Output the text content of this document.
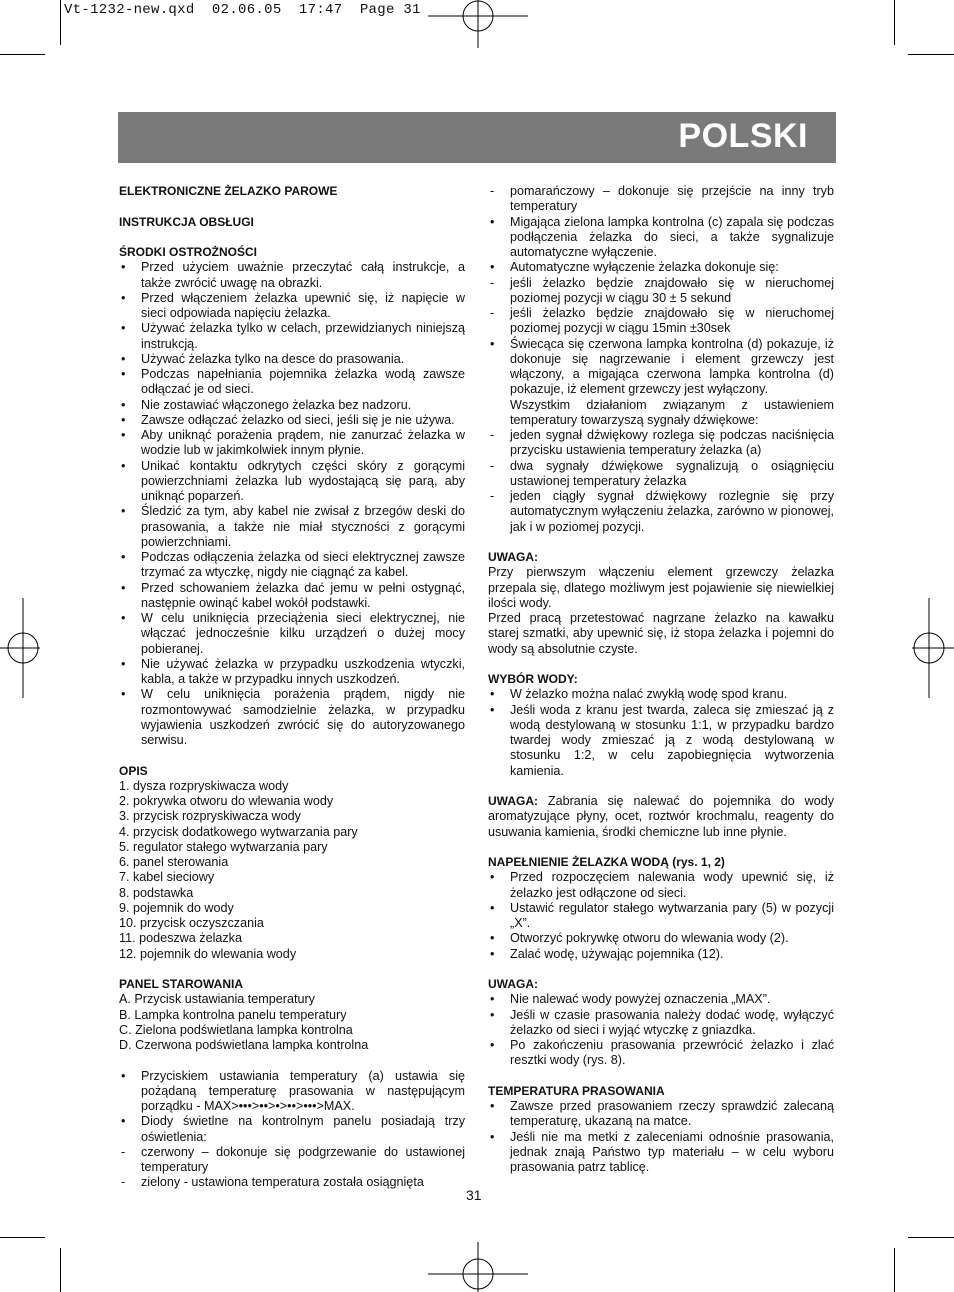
Vt-1232-new.qxd  02.06.05  17:47  Page 31
POLSKI
ELEKTRONICZNE ŻELAZKO PAROWE
INSTRUKCJA OBSŁUGI
ŚRODKI OSTROŻNOŚCI
•	Przed użyciem uważnie przeczytać całą instrukcje, a także zwrócić uwagę na obrazki.
•	Przed włączeniem żelazka upewnić się, iż napięcie w sieci odpowiada napięciu żelazka.
•	Używać żelazka tylko w celach, przewidzianych niniejszą instrukcją.
•	Używać żelazka tylko na desce do prasowania.
•	Podczas napełniania pojemnika żelazka wodą zawsze odłączać je od sieci.
•	Nie zostawiać włączonego żelazka bez nadzoru.
•	Zawsze odłączać żelazko od sieci, jeśli się je nie używa.
•	Aby uniknąć porażenia prądem, nie zanurzać żelazka w wodzie lub w jakimkolwiek innym płynie.
•	Unikać kontaktu odkrytych części skóry z gorącymi powierzchniami żelazka lub wydostającą się parą, aby uniknąć poparzeń.
•	Śledzić za tym, aby kabel nie zwisał z brzegów deski do prasowania, a także nie miał styczności z gorącymi powierzchniami.
•	Podczas odłączenia żelazka od sieci elektrycznej zawsze trzymać za wtyczkę, nigdy nie ciągnąć za kabel.
•	Przed schowaniem żelazka dać jemu w pełni ostygnąć, następnie owinąć kabel wokół podstawki.
•	W celu uniknięcia przeciążenia sieci elektrycznej, nie włączać jednocześnie kilku urządzeń o dużej mocy pobieranej.
•	Nie używać żelazka w przypadku uszkodzenia wtyczki, kabla, a także w przypadku innych uszkodzeń.
•	W celu uniknięcia porażenia prądem, nigdy nie rozmontowywać samodzielnie żelazka, w przypadku wyjawienia uszkodzeń zwrócić się do autoryzowanego serwisu.
OPIS
1. dysza rozpryskiwacza wody
2. pokrywka otworu do wlewania wody
3. przycisk rozpryskiwacza wody
4. przycisk dodatkowego wytwarzania pary
5. regulator stałego wytwarzania pary
6. panel sterowania
7. kabel sieciowy
8. podstawka
9. pojemnik do wody
10. przycisk oczyszczania
11. podeszwa żelazka
12. pojemnik do wlewania wody
PANEL STAROWANIA
A. Przycisk ustawiania temperatury
B. Lampka kontrolna panelu temperatury
C. Zielona podświetlana lampka kontrolna
D. Czerwona podświetlana lampka kontrolna
•	Przyciskiem ustawiania temperatury (a) ustawia się pożądaną temperaturę prasowania w następującym porządku - MAX>•••>••>•>••>•••>MAX.
•	Diody świetlne na kontrolnym panelu posiadają trzy oświetlenia:
-	czerwony – dokonuje się podgrzewanie do ustawionej temperatury
-	zielony - ustawiona temperatura została osiągnięta
-	pomarańczowy – dokonuje się przejście na inny tryb temperatury
•	Migająca zielona lampka kontrolna (c) zapala się podczas podłączenia żelazka do sieci, a także sygnalizuje automatyczne wyłączenie.
•	Automatyczne wyłączenie żelazka dokonuje się:
-	jeśli żelazko będzie znajdowało się w nieruchomej poziomej pozycji w ciągu 30 ± 5 sekund
-	jeśli żelazko będzie znajdowało się w nieruchomej poziomej pozycji w ciągu 15min ±30sek
•	Świecąca się czerwona lampka kontrolna (d) pokazuje, iż dokonuje się nagrzewanie i element grzewczy jest włączony, a migająca czerwona lampka kontrolna (d) pokazuje, iż element grzewczy jest wyłączony.
Wszystkim działaniom związanym z ustawieniem temperatury towarzyszą sygnały dźwiękowe:
-	jeden sygnał dźwiękowy rozlega się podczas naciśnięcia przycisku ustawienia temperatury żelazka (a)
-	dwa sygnały dźwiękowe sygnalizują o osiągnięciu ustawionej temperatury żelazka
-	jeden ciągły sygnał dźwiękowy rozlegnie się przy automatycznym wyłączeniu żelazka, zarówno w pionowej, jak i w poziomej pozycji.
UWAGA:
Przy pierwszym włączeniu element grzewczy żelazka przepala się, dlatego możliwym jest pojawienie się niewielkiej ilości wody.
Przed pracą przetestować nagrzane żelazko na kawałku starej szmatki, aby upewnić się, iż stopa żelazka i pojemni do wody są absolutnie czyste.
WYBÓR WODY:
•	W żelazko można nalać zwykłą wodę spod kranu.
•	Jeśli woda z kranu jest twarda, zaleca się zmieszać ją z wodą destylowaną w stosunku 1:1, w przypadku bardzo twardej wody zmieszać ją z wodą destylowaną w stosunku 1:2, w celu zapobiegnięcia wytworzenia kamienia.
UWAGA: Zabrania się nalewać do pojemnika do wody aromatyzujące płyny, ocet, roztwór krochmalu, reagenty do usuwania kamienia, środki chemiczne lub inne płynie.
NAPEŁNIENIE ŻELAZKA WODĄ (rys. 1, 2)
•	Przed rozpoczęciem nalewania wody upewnić się, iż żelazko jest odłączone od sieci.
•	Ustawić regulator stałego wytwarzania pary (5) w pozycji „X”.
•	Otworzyć pokrywkę otworu do wlewania wody (2).
•	Zalać wodę, używając pojemnika (12).
UWAGA:
•	Nie nalewać wody powyżej oznaczenia „MAX”.
•	Jeśli w czasie prasowania należy dodać wodę, wyłączyć żelazko od sieci i wyjąć wtyczkę z gniazdka.
•	Po zakończeniu prasowania przewrócić żelazko i zlać resztki wody (rys. 8).
TEMPERATURA PRASOWANIA
•	Zawsze przed prasowaniem rzeczy sprawdzić zalecaną temperaturę, ukazaną na matce.
•	Jeśli nie ma metki z zaleceniami odnośnie prasowania, jednak znają Państwo typ materiału – w celu wyboru prasowania patrz tablicę.
31
